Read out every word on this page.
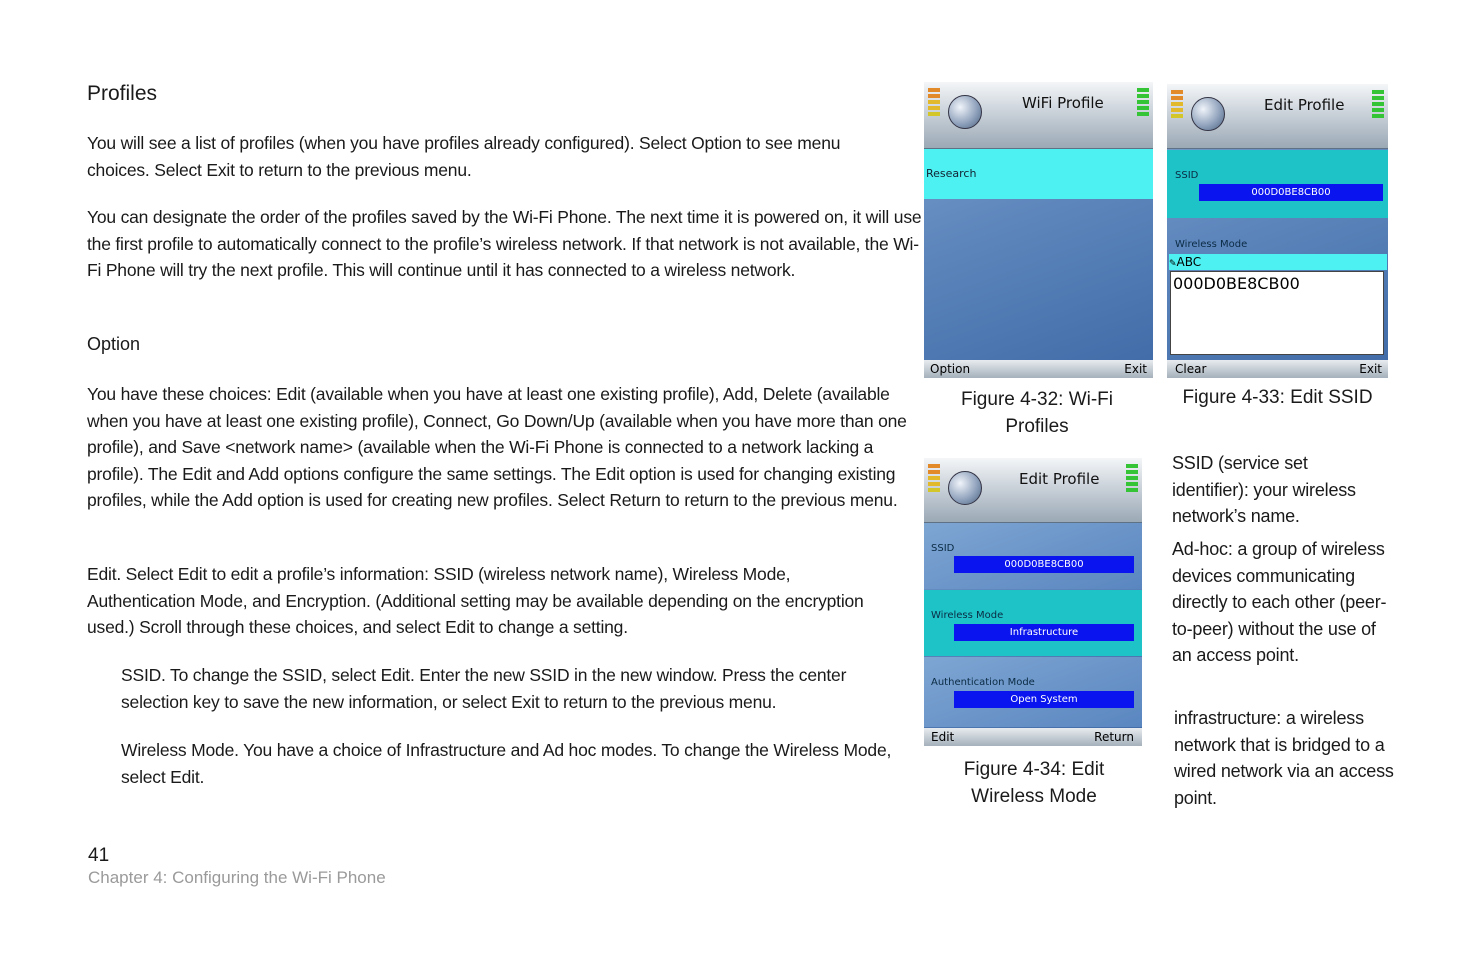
Profiles
You will see a list of profiles (when you have profiles already configured). Select Option to see menu choices. Select Exit to return to the previous menu.
You can designate the order of the profiles saved by the Wi-Fi Phone. The next time it is powered on, it will use the first profile to automatically connect to the profile’s wireless network. If that network is not available, the Wi-Fi Phone will try the next profile. This will continue until it has connected to a wireless network.
Option
You have these choices: Edit (available when you have at least one existing profile), Add, Delete (available when you have at least one existing profile), Connect, Go Down/Up (available when you have more than one profile), and Save <network name> (available when the Wi-Fi Phone is connected to a network lacking a profile). The Edit and Add options configure the same settings. The Edit option is used for changing existing profiles, while the Add option is used for creating new profiles. Select Return to return to the previous menu.
Edit. Select Edit to edit a profile’s information: SSID (wireless network name), Wireless Mode, Authentication Mode, and Encryption. (Additional setting may be available depending on the encryption used.) Scroll through these choices, and select Edit to change a setting.
SSID. To change the SSID, select Edit. Enter the new SSID in the new window. Press the center selection key to save the new information, or select Exit to return to the previous menu.
Wireless Mode. You have a choice of Infrastructure and Ad hoc modes. To change the Wireless Mode, select Edit.
41
Chapter 4: Configuring the Wi-Fi Phone
WiFi Profile
Research
Option	Exit
Figure 4-32: Wi-Fi
Profiles
Edit Profile
SSID
000D0BE8CB00
Wireless Mode
✎ABC
000D0BE8CB00
Clear	Exit
Figure 4-33: Edit SSID
Edit Profile
SSID
000D0BE8CB00
Wireless Mode
Infrastructure
Authentication Mode
Open System
Edit	Return
Figure 4-34: Edit
Wireless Mode
SSID (service set identifier): your wireless network’s name.
Ad-hoc: a group of wireless devices communicating directly to each other (peer-to-peer) without the use of an access point.
infrastructure: a wireless network that is bridged to a wired network via an access point.
